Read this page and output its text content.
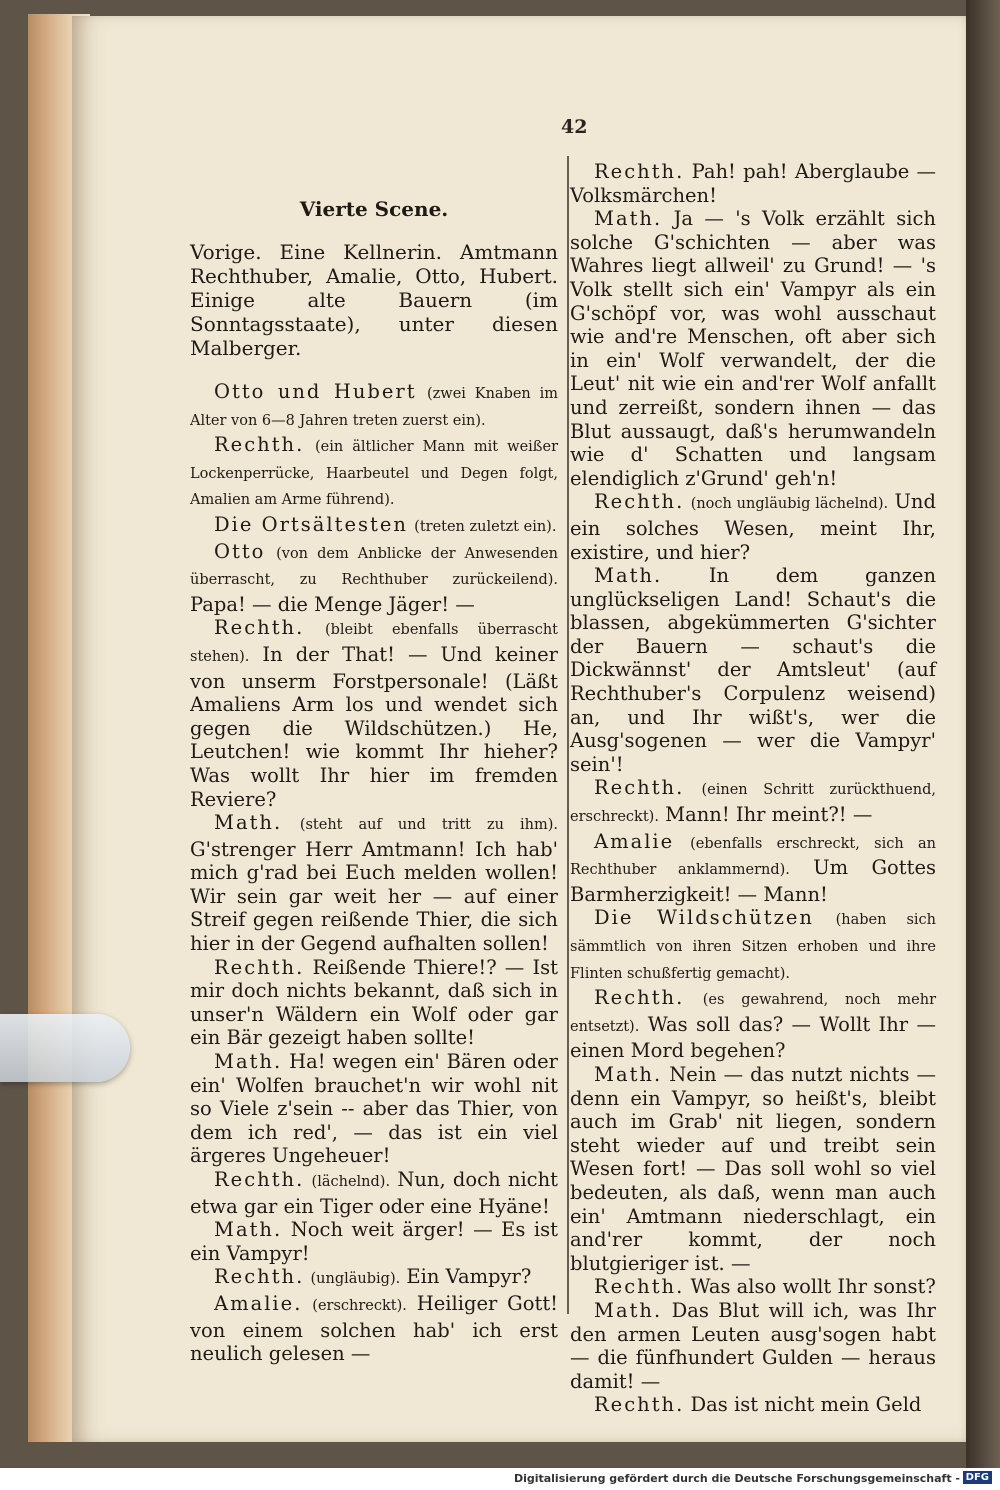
42
Vierte Scene.

Vorige. Eine Kellnerin. Amtmann Rechthuber, Amalie, Otto, Hubert. Einige alte Bauern (im Sonntagsstaate), unter diesen Malberger.

Otto und Hubert (zwei Knaben im Alter von 6—8 Jahren treten zuerst ein).

Rechth. (ein ältlicher Mann mit weißer Lockenperrücke, Haarbeutel und Degen folgt, Amalien am Arme führend).

Die Ortsältesten (treten zuletzt ein).

Otto (von dem Anblicke der Anwesenden überrascht, zu Rechthuber zurückeilend). Papa! — die Menge Jäger! —

Rechth. (bleibt ebenfalls überrascht stehen). In der That! — Und keiner von unserm Forstpersonale! (Läßt Amaliens Arm los und wendet sich gegen die Wildschützen.) He, Leutchen! wie kommt Ihr hieher? Was wollt Ihr hier im fremden Reviere?

Math. (steht auf und tritt zu ihm). G'strenger Herr Amtmann! Ich hab' mich g'rad bei Euch melden wollen! Wir sein gar weit her — auf einer Streif gegen reißende Thier, die sich hier in der Gegend aufhalten sollen!

Rechth. Reißende Thiere!? — Ist mir doch nichts bekannt, daß sich in unser'n Wäldern ein Wolf oder gar ein Bär gezeigt haben sollte!

Math. Ha! wegen ein' Bären oder ein' Wolfen brauchet'n wir wohl nit so Viele z'sein -- aber das Thier, von dem ich red', — das ist ein viel ärgeres Ungeheuer!

Rechth. (lächelnd). Nun, doch nicht etwa gar ein Tiger oder eine Hyäne!

Math. Noch weit ärger! — Es ist ein Vampyr!

Rechth. (ungläubig). Ein Vampyr?

Amalie. (erschreckt). Heiliger Gott! von einem solchen hab' ich erst neulich gelesen —

Rechth. Pah! pah! Aberglaube — Volksmärchen!

Math. Ja — 's Volk erzählt sich solche G'schichten — aber was Wahres liegt allweil' zu Grund! — 's Volk stellt sich ein' Vampyr als ein G'schöpf vor, was wohl ausschaut wie and're Menschen, oft aber sich in ein' Wolf verwandelt, der die Leut' nit wie ein and'rer Wolf anfallt und zerreißt, sondern ihnen — das Blut aussaugt, daß's herumwandeln wie d' Schatten und langsam elendiglich z'Grund' geh'n!

Rechth. (noch ungläubig lächelnd). Und ein solches Wesen, meint Ihr, existire, und hier?

Math. In dem ganzen unglückseligen Land! Schaut's die blassen, abgekümmerten G'sichter der Bauern — schaut's die Dickwännst' der Amtsleut' (auf Rechthuber's Corpulenz weisend) an, und Ihr wißt's, wer die Ausg'sogenen — wer die Vampyr' sein'!

Rechth. (einen Schritt zurückthuend, erschreckt). Mann! Ihr meint?! —

Amalie (ebenfalls erschreckt, sich an Rechthuber anklammernd). Um Gottes Barmherzigkeit! — Mann!

Die Wildschützen (haben sich sämmtlich von ihren Sitzen erhoben und ihre Flinten schußfertig gemacht).

Rechth. (es gewahrend, noch mehr entsetzt). Was soll das? — Wollt Ihr — einen Mord begehen?

Math. Nein — das nutzt nichts — denn ein Vampyr, so heißt's, bleibt auch im Grab' nit liegen, sondern steht wieder auf und treibt sein Wesen fort! — Das soll wohl so viel bedeuten, als daß, wenn man auch ein' Amtmann niederschlagt, ein and'rer kommt, der noch blutgieriger ist. —

Rechth. Was also wollt Ihr sonst?

Math. Das Blut will ich, was Ihr den armen Leuten ausg'sogen habt — die fünfhundert Gulden — heraus damit! —

Rechth. Das ist nicht mein Geld

Digitalisierung gefördert durch die Deutsche Forschungsgemeinschaft - DFG
